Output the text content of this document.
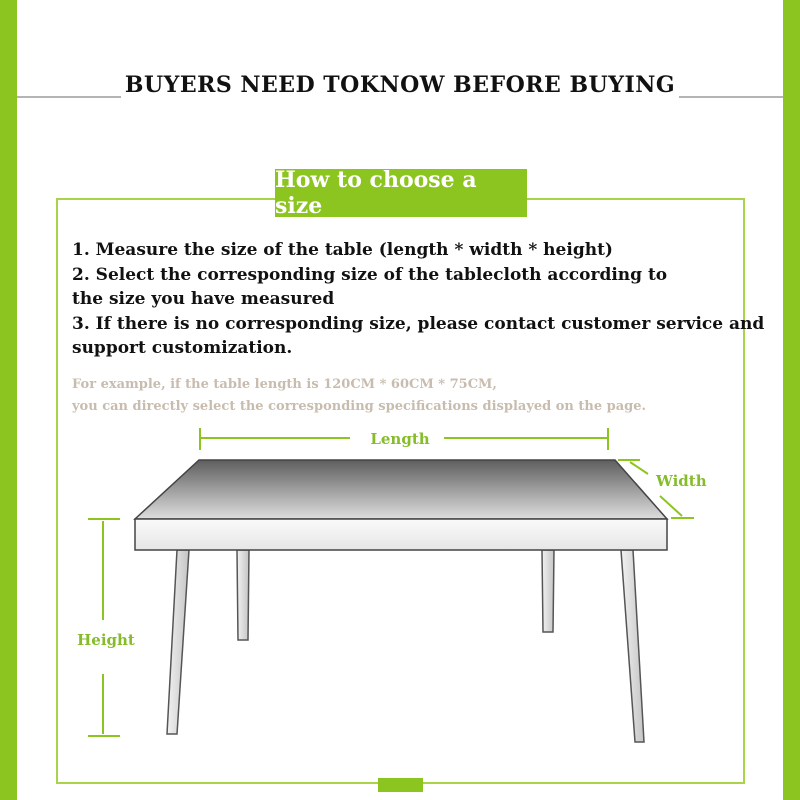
BUYERS NEED TOKNOW BEFORE BUYING
How to choose a size
1. Measure the size of the table (length * width * height)
2. Select the corresponding size of the tablecloth according to
the size you have measured
3. If there is no corresponding size, please contact customer service and
support customization.
For example, if the table length is 120CM * 60CM * 75CM,
you can directly select the corresponding specifications displayed on the page.
Length
Width
Height
